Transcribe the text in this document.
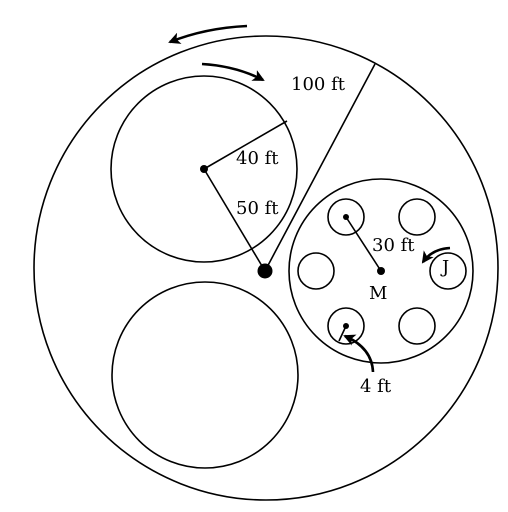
100 ft
40 ft
50 ft
30 ft
M
J
4 ft
